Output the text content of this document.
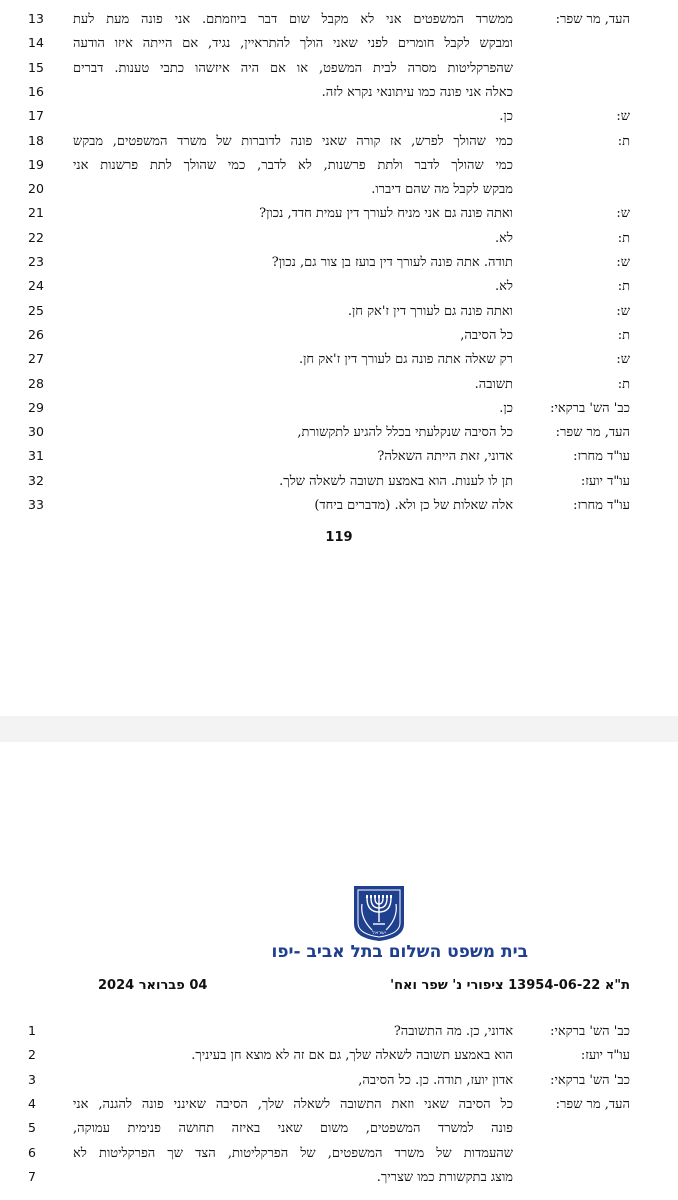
13	העד, מר שפר:
ממשרד המשפטים אני לא מקבל שום דבר ביוזמתם. אני פונה מעת לעת
14	ומבקש לקבל חומרים לפני שאני הולך להתראיין, נגיד, אם הייתה איזו הודעה
15	שהפרקליטות מסרה לבית המשפט, או אם היה איזשהו כתבי טענות. דברים
16	כאלה אני פונה כמו עיתונאי נקרא לזה.
17	ש:
כן.
18	ת:
כמי שהולך לפרש, אז קורה שאני פונה לדוברות של משרד המשפטים, מבקש
19	כמי שהולך לדבר ולתת פרשנות, לא לדבר, כמי שהולך לתת פרשנות אני
20	מבקש לקבל מה שהם דיברו.
21	ש:
ואתה פונה גם אני מניח לעורך דין עמית חדד, נכון?
22	ת:
לא.
23	ש:
תודה. אתה פונה לעורך דין בועז בן צור גם, נכון?
24	ת:
לא.
25	ש:
ואתה פונה גם לעורך דין ז'אק חן.
26	ת:
כל הסיבה,
27	ש:
רק שאלה אתה פונה גם לעורך דין ז'אק חן.
28	ת:
תשובה.
29	כב' הש' ברקאי:
כן.
30	העד, מר שפר:
כל הסיבה שנקלעתי בכלל להגיע לתקשורת,
31	עו"ד מחרז:
אדוני, זאת הייתה השאלה?
32	עו"ד יועז:
תן לו לענות. הוא באמצע תשובה לשאלה שלך.
33	עו"ד מחרז:
אלה שאלות של כן ולא. (מדברים ביחד)
119
ישראל
בית משפט השלום בתל אביב -יפו
ת"א 13954-06-22 ציפורי נ' שפר ואח'
04 פברואר 2024
1	כב' הש' ברקאי:
אדוני, כן. מה התשובה?
2	עו"ד יועז:
הוא באמצע תשובה לשאלה שלך, גם אם זה לא מוצא חן בעיניך.
3	כב' הש' ברקאי:
אדון יועז, תודה. כן. כל הסיבה,
4	העד, מר שפר:
כל הסיבה שאני וזאת התשובה לשאלה שלך, הסיבה שאינני פונה להגנה, אני
5	פונה למשרד המשפטים, משום שאני באיזה תחושה פנימית עמוקה,
6	שהעמדות של משרד המשפטים, של הפרקליטות, הצד שך הפרקליטות לא
7	מוצג בתקשורת כמו שצריך.
